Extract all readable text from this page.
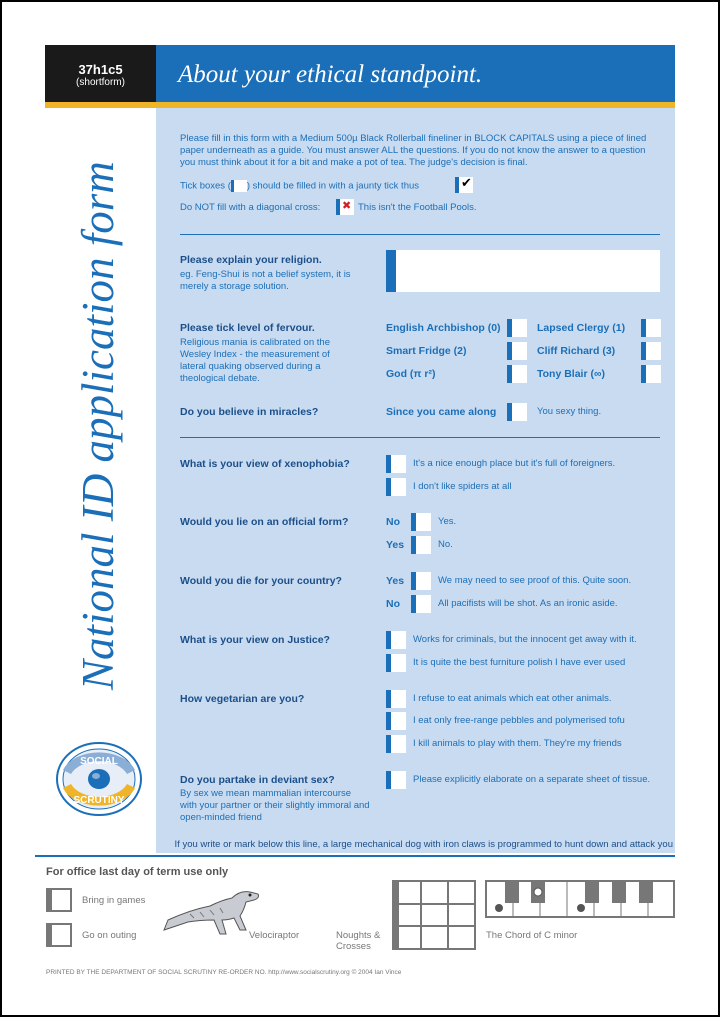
37h1c5
(shortform)	About your ethical standpoint.
National ID application form
Please fill in this form with a Medium 500µ Black Rollerball fineliner in BLOCK CAPITALS using a piece of lined paper underneath as a guide. You must answer ALL the questions. If you do not know the answer to a question you must think about it for a bit and make a pot of tea. The judge's decision is final.
Tick boxes ( ) should be filled in with a jaunty tick thus	✔
Do NOT fill with a diagonal cross: ✖ This isn't the Football Pools.
Please explain your religion.
eg. Feng-Shui is not a belief system, it is merely a storage solution.
Please tick level of fervour.
Religious mania is calibrated on the Wesley Index - the measurement of lateral quaking observed during a theological debate.
English Archbishop (0)	Lapsed Clergy (1)
Smart Fridge (2)	Cliff Richard (3)
God (π r²)	Tony Blair (∞)
Do you believe in miracles?	Since you came along	You sexy thing.
What is your view of xenophobia?	It's a nice enough place but it's full of foreigners.
I don't like spiders at all
Would you lie on an official form?	No	Yes.
Yes	No.
Would you die for your country?	Yes	We may need to see proof of this. Quite soon.
No	All pacifists will be shot. As an ironic aside.
What is your view on Justice?	Works for criminals, but the innocent get away with it.
It is quite the best furniture polish I have ever used
How vegetarian are you?	I refuse to eat animals which eat other animals.
I eat only free-range pebbles and polymerised tofu
I kill animals to play with them. They're my friends
Do you partake in deviant sex?
By sex we mean mammalian intercourse with your partner or their slightly immoral and open-minded friend
Please explicitly elaborate on a separate sheet of tissue.
SOCIAL
SCRUTINY
If you write or mark below this line, a large mechanical dog with iron claws is programmed to hunt down and attack you
For office last day of term use only
Bring in games
Go on outing	Velociraptor	Noughts & Crosses
The Chord of C minor
PRINTED BY THE DEPARTMENT OF SOCIAL SCRUTINY RE-ORDER NO. http://www.socialscrutiny.org © 2004 Ian Vince
